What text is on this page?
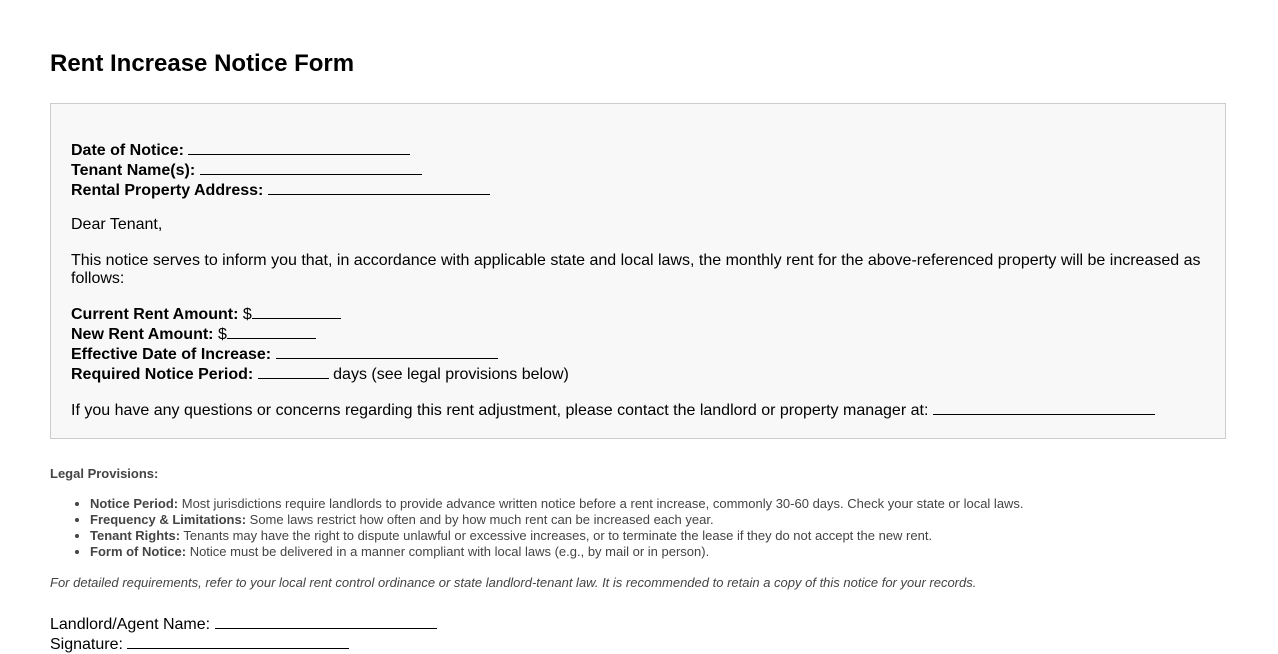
Rent Increase Notice Form
Date of Notice:
Tenant Name(s):
Rental Property Address:

Dear Tenant,

This notice serves to inform you that, in accordance with applicable state and local laws, the monthly rent for the above-referenced property will be increased as follows:

Current Rent Amount: $
New Rent Amount: $
Effective Date of Increase:
Required Notice Period:	days (see legal provisions below)
If you have any questions or concerns regarding this rent adjustment, please contact the landlord or property manager at:
Legal Provisions:
• Notice Period: Most jurisdictions require landlords to provide advance written notice before a rent increase, commonly 30-60 days. Check your state or local laws.
• Frequency & Limitations: Some laws restrict how often and by how much rent can be increased each year.
• Tenant Rights: Tenants may have the right to dispute unlawful or excessive increases, or to terminate the lease if they do not accept the new rent.
• Form of Notice: Notice must be delivered in a manner compliant with local laws (e.g., by mail or in person).
For detailed requirements, refer to your local rent control ordinance or state landlord-tenant law. It is recommended to retain a copy of this notice for your records.
Landlord/Agent Name:
Signature:
